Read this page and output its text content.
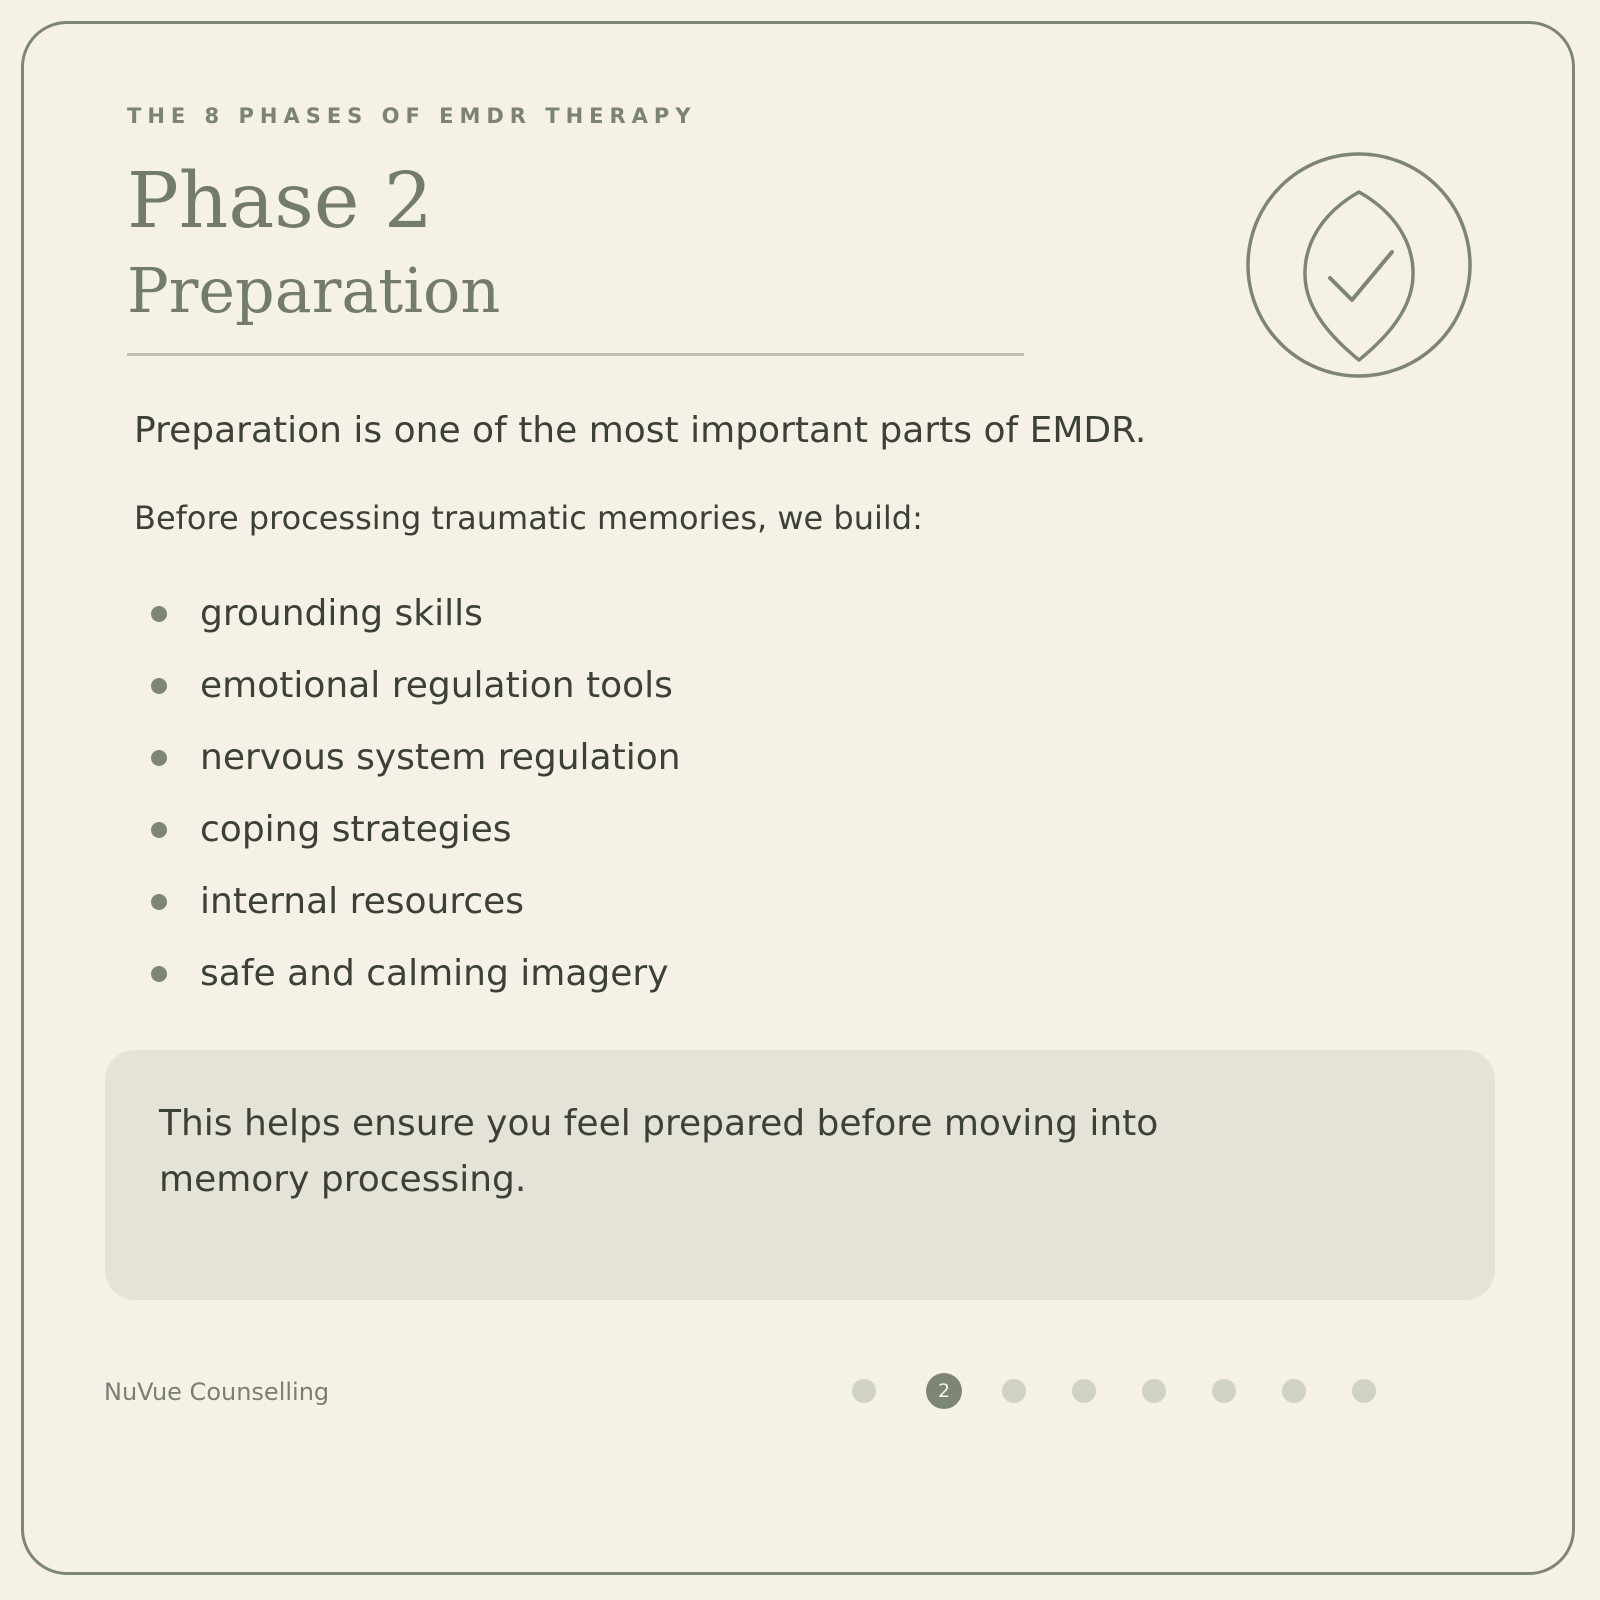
THE 8 PHASES OF EMDR THERAPY

Phase 2
Preparation

Preparation is one of the most important parts of EMDR.

Before processing traumatic memories, we build:

grounding skills
emotional regulation tools
nervous system regulation
coping strategies
internal resources
safe and calming imagery

This helps ensure you feel prepared before moving into memory processing.

NuVue Counselling	2
